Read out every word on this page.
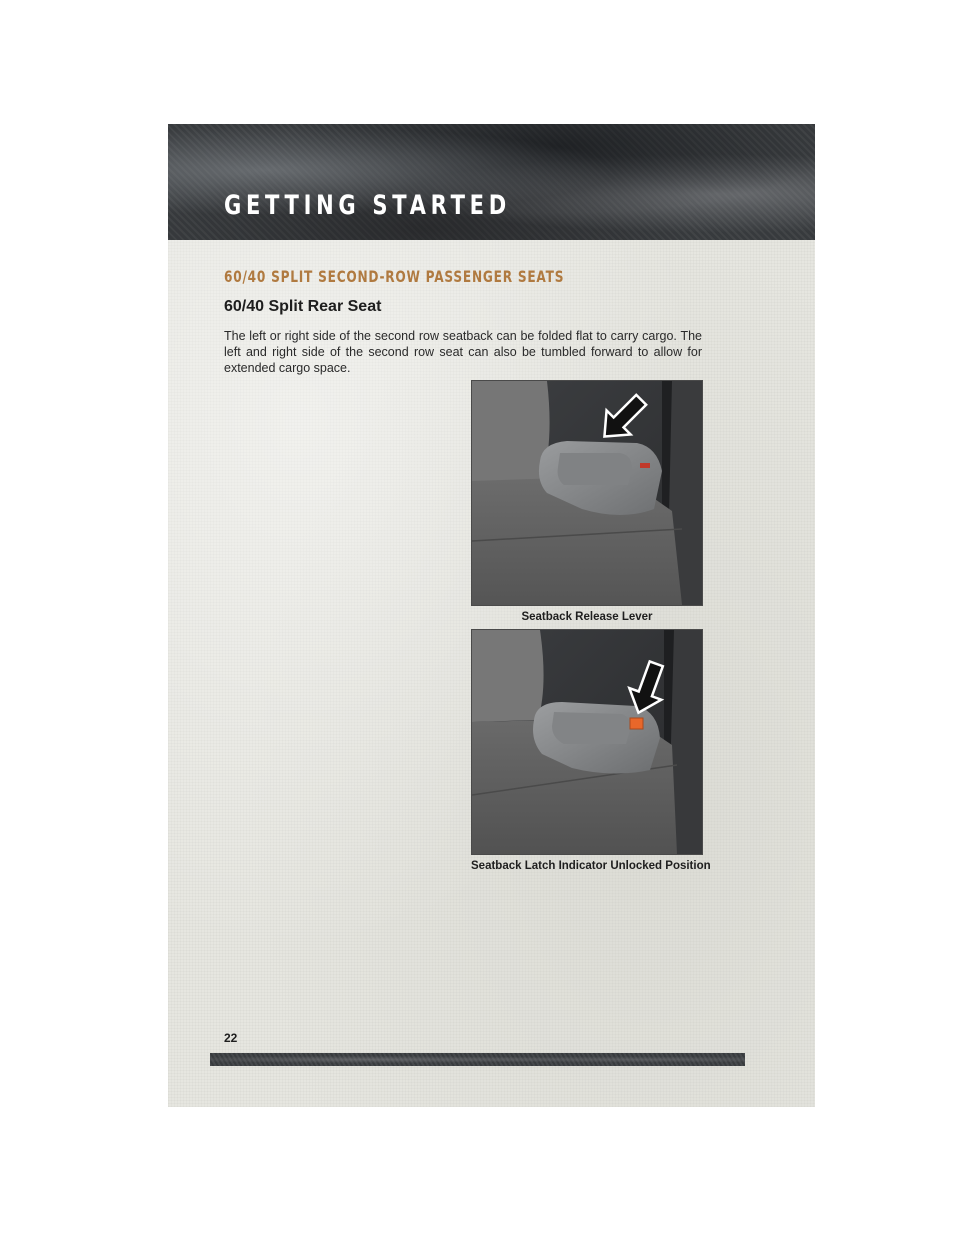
GETTING STARTED
60/40 SPLIT SECOND-ROW PASSENGER SEATS
60/40 Split Rear Seat
The left or right side of the second row seatback can be folded flat to carry cargo. The left and right side of the second row seat can also be tumbled forward to allow for extended cargo space.
Seatback Release Lever
Seatback Latch Indicator Unlocked Position
22
